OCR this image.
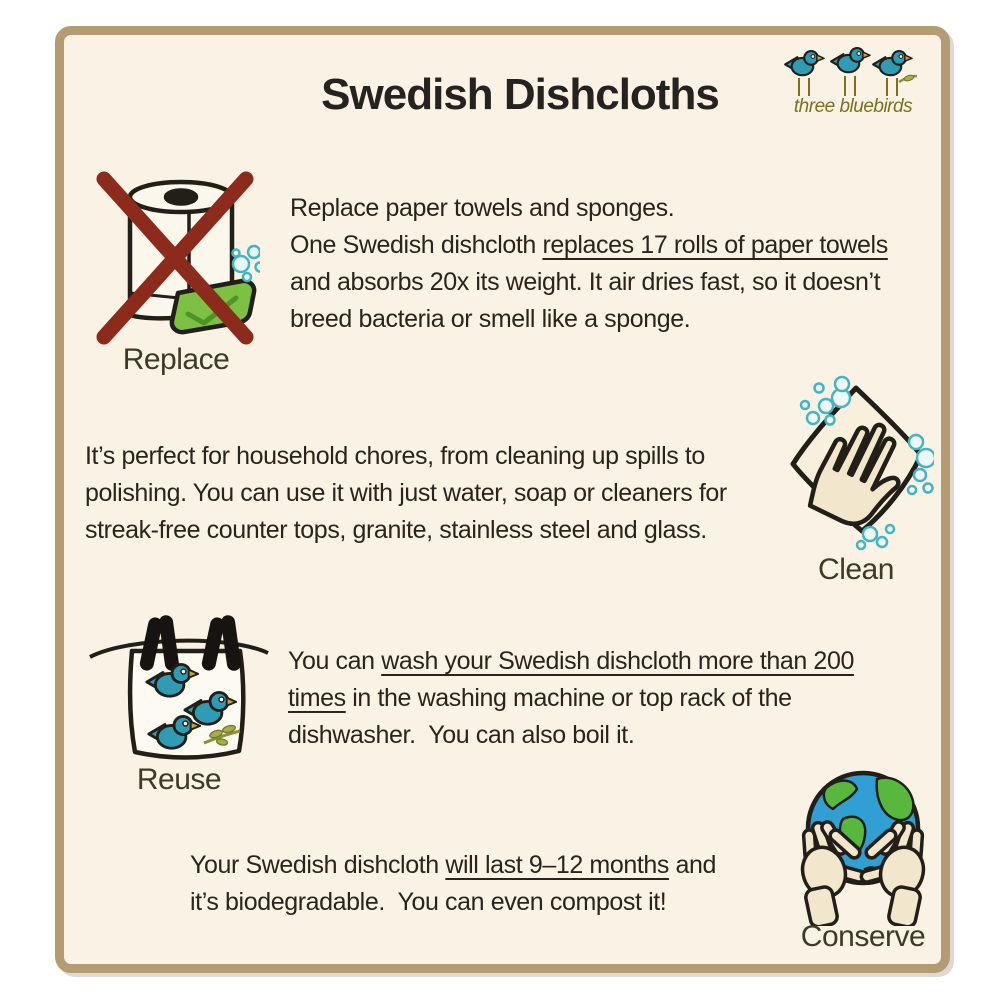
Swedish Dishcloths	three bluebirds
Replace
Replace paper towels and sponges.
One Swedish dishcloth replaces 17 rolls of paper towels
and absorbs 20x its weight. It air dries fast, so it doesn’t
breed bacteria or smell like a sponge.
It’s perfect for household chores, from cleaning up spills to
polishing. You can use it with just water, soap or cleaners for
streak-free counter tops, granite, stainless steel and glass.
Clean
Reuse
You can wash your Swedish dishcloth more than 200
times in the washing machine or top rack of the
dishwasher.  You can also boil it.
Your Swedish dishcloth will last 9–12 months and
it’s biodegradable.  You can even compost it!
Conserve
